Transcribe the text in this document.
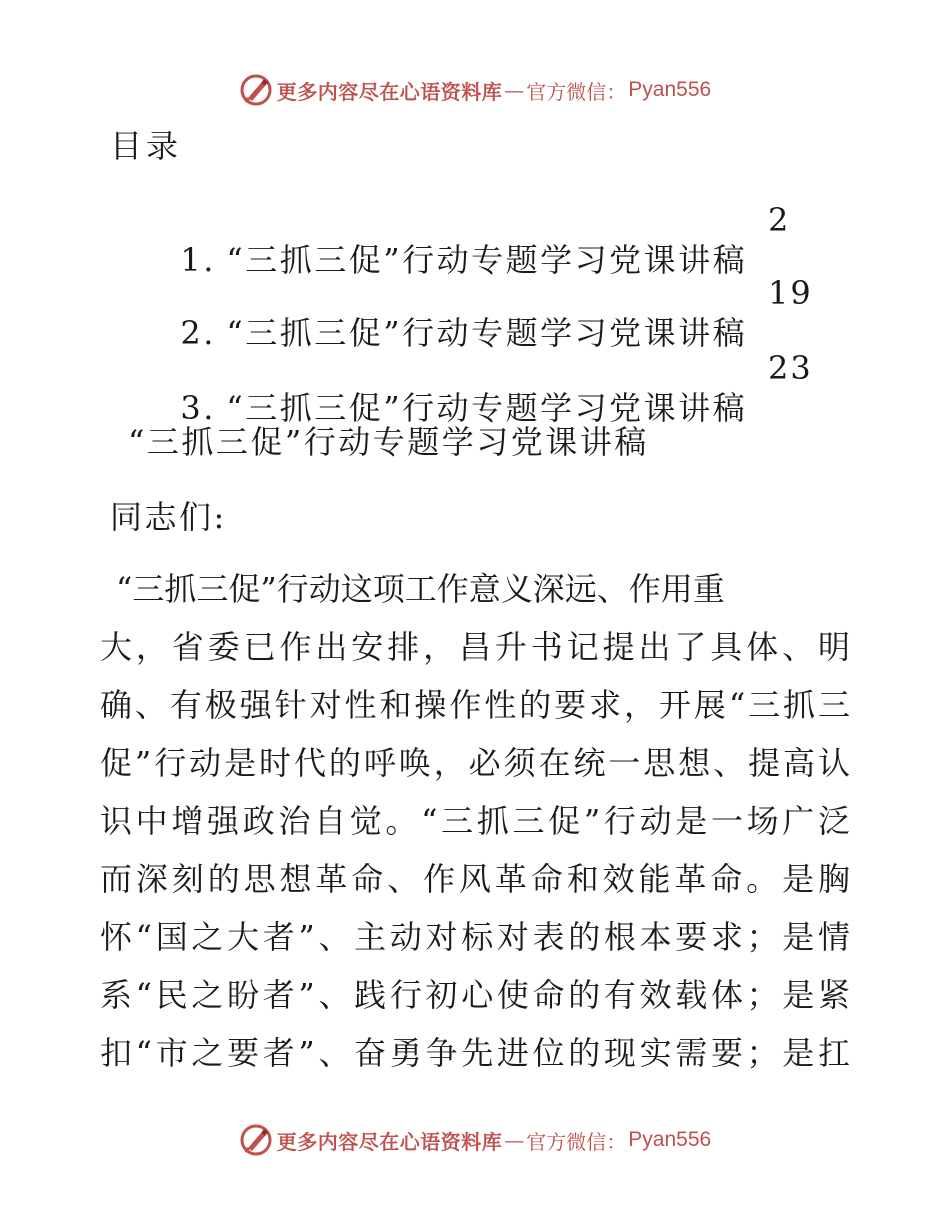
更多内容尽在心语资料库 — 官方微信： Pyan556
目录

1. “三抓三促”行动专题学习党课讲稿

2

2. “三抓三促”行动专题学习党课讲稿

19

3. “三抓三促”行动专题学习党课讲稿

23

“三抓三促”行动专题学习党课讲稿
同志们:
“三抓三促”行动这项工作意义深远、作用重
大，省委已作出安排，昌升书记提出了具体、明
确、有极强针对性和操作性的要求，开展“三抓三
促”行动是时代的呼唤，必须在统一思想、提高认
识中增强政治自觉。“三抓三促”行动是一场广泛
而深刻的思想革命、作风革命和效能革命。是胸
怀“国之大者”、主动对标对表的根本要求；是情
系“民之盼者”、践行初心使命的有效载体；是紧
扣“市之要者”、奋勇争先进位的现实需要；是扛
更多内容尽在心语资料库 — 官方微信： Pyan556
